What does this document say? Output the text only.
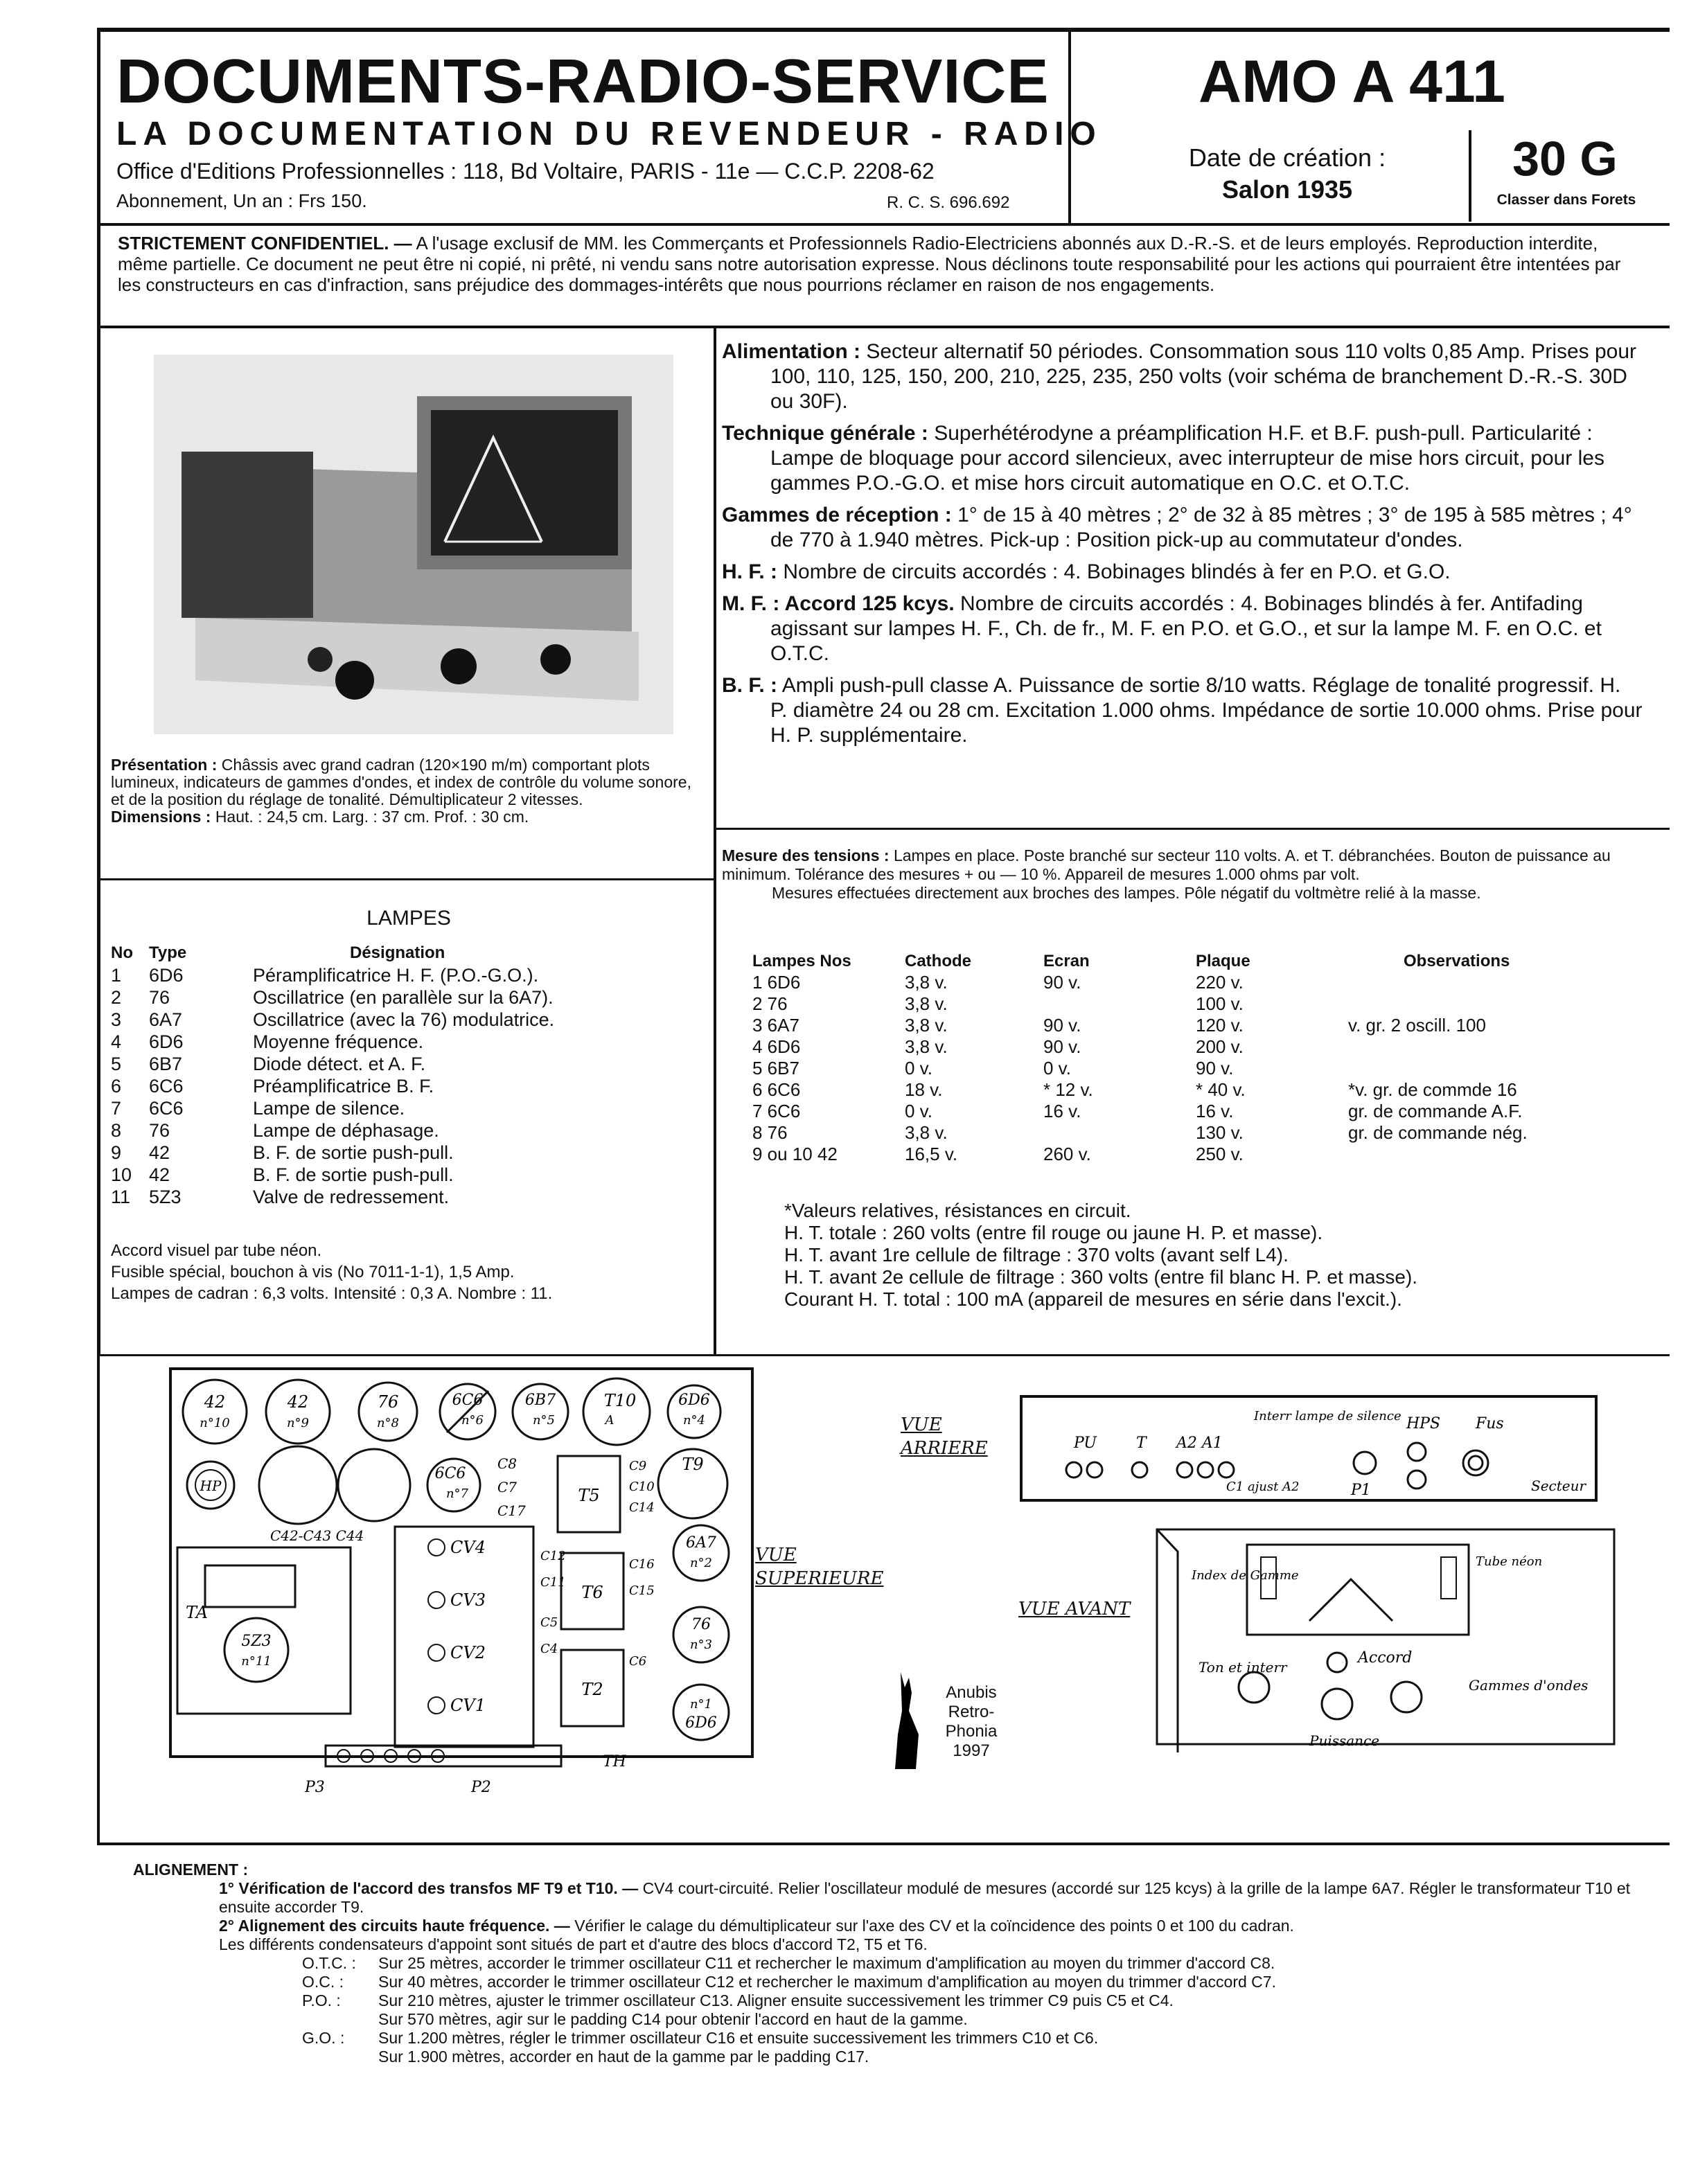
DOCUMENTS-RADIO-SERVICE
LA DOCUMENTATION DU REVENDEUR - RADIO
Office d'Editions Professionnelles : 118, Bd Voltaire, PARIS - 11e — C.C.P. 2208-62
Abonnement, Un an : Frs 150.	R. C. S. 696.692
AMO A 411
Date de création :
Salon 1935
30 G
Classer dans Forets
STRICTEMENT CONFIDENTIEL. — A l'usage exclusif de MM. les Commerçants et Professionnels Radio-Electriciens abonnés aux D.-R.-S. et de leurs employés. Reproduction interdite, même partielle. Ce document ne peut être ni copié, ni prêté, ni vendu sans notre autorisation expresse. Nous déclinons toute responsabilité pour les actions qui pourraient être intentées par les constructeurs en cas d'infraction, sans préjudice des dommages-intérêts que nous pourrions réclamer en raison de nos engagements.
Présentation : Châssis avec grand cadran (120×190 m/m) comportant plots lumineux, indicateurs de gammes d'ondes, et index de contrôle du volume sonore, et de la position du réglage de tonalité. Démultiplicateur 2 vitesses.
Dimensions : Haut. : 24,5 cm. Larg. : 37 cm. Prof. : 30 cm.
LAMPES
No	Type	Désignation
1	6D6	Péramplificatrice H. F. (P.O.-G.O.).
2	76	Oscillatrice (en parallèle sur la 6A7).
3	6A7	Oscillatrice (avec la 76) modulatrice.
4	6D6	Moyenne fréquence.
5	6B7	Diode détect. et A. F.
6	6C6	Préamplificatrice B. F.
7	6C6	Lampe de silence.
8	76	Lampe de déphasage.
9	42	B. F. de sortie push-pull.
10	42	B. F. de sortie push-pull.
11	5Z3	Valve de redressement.
Accord visuel par tube néon.
Fusible spécial, bouchon à vis (No 7011-1-1), 1,5 Amp.
Lampes de cadran : 6,3 volts. Intensité : 0,3 A. Nombre : 11.
Alimentation : Secteur alternatif 50 périodes. Consommation sous 110 volts 0,85 Amp. Prises pour 100, 110, 125, 150, 200, 210, 225, 235, 250 volts (voir schéma de branchement D.-R.-S. 30D ou 30F).
Technique générale : Superhétérodyne a préamplification H.F. et B.F. push-pull. Particularité : Lampe de bloquage pour accord silencieux, avec interrupteur de mise hors circuit, pour les gammes P.O.-G.O. et mise hors circuit automatique en O.C. et O.T.C.
Gammes de réception : 1° de 15 à 40 mètres ; 2° de 32 à 85 mètres ; 3° de 195 à 585 mètres ; 4° de 770 à 1.940 mètres. Pick-up : Position pick-up au commutateur d'ondes.
H. F. : Nombre de circuits accordés : 4. Bobinages blindés à fer en P.O. et G.O.
M. F. : Accord 125 kcys. Nombre de circuits accordés : 4. Bobinages blindés à fer. Antifading agissant sur lampes H. F., Ch. de fr., M. F. en P.O. et G.O., et sur la lampe M. F. en O.C. et O.T.C.
B. F. : Ampli push-pull classe A. Puissance de sortie 8/10 watts. Réglage de tonalité progressif. H. P. diamètre 24 ou 28 cm. Excitation 1.000 ohms. Impédance de sortie 10.000 ohms. Prise pour H. P. supplémentaire.
Mesure des tensions : Lampes en place. Poste branché sur secteur 110 volts. A. et T. débranchées. Bouton de puissance au minimum. Tolérance des mesures + ou — 10 %. Appareil de mesures 1.000 ohms par volt.
Mesures effectuées directement aux broches des lampes. Pôle négatif du voltmètre relié à la masse.
Lampes Nos	Cathode	Ecran	Plaque	Observations
1 6D6	3,8 v.	90 v.	220 v.	
2 76	3,8 v.		100 v.	
3 6A7	3,8 v.	90 v.	120 v.	v. gr. 2 oscill. 100
4 6D6	3,8 v.	90 v.	200 v.	
5 6B7	0 v.	0 v.	90 v.	
6 6C6	18 v.	* 12 v.	* 40 v.	*v. gr. de commde 16
7 6C6	0 v.	16 v.	16 v.	gr. de commande A.F.
8 76	3,8 v.		130 v.	gr. de commande nég.
9 ou 10 42	16,5 v.	260 v.	250 v.	
*Valeurs relatives, résistances en circuit.
H. T. totale : 260 volts (entre fil rouge ou jaune H. P. et masse).
H. T. avant 1re cellule de filtrage : 370 volts (avant self L4).
H. T. avant 2e cellule de filtrage : 360 volts (entre fil blanc H. P. et masse).
Courant H. T. total : 100 mA (appareil de mesures en série dans l'excit.).
42
n°10
42
n°9
76
n°8
6C6
n°6
6B7
n°5
T10
A
6D6
n°4
HP
C42-C43 C44
6C6
n°7
C8
C7
C17
T5
C9
C10
C14
T9
CV4
CV3
CV2
CV1
C12
C11
C5
C4
T6
C16
C15
6A7
n°2
T2
C6
76
n°3
n°1
6D6
TA
5Z3
n°11
P3	P2
TH
VUE SUPERIEURE
VUE ARRIERE	PU	T A2 A1
Interr lampe de silence HPS Fus
C1 ajust A2	P1	Secteur
VUE AVANT
Index de Gamme
Tube néon
Ton et interr
Accord
Puissance
Gammes d'ondes
Anubis
Retro-Phonia
1997
ALIGNEMENT :
1° Vérification de l'accord des transfos MF T9 et T10. — CV4 court-circuité. Relier l'oscillateur modulé de mesures (accordé sur 125 kcys) à la grille de la lampe 6A7. Régler le transformateur T10 et ensuite accorder T9.
2° Alignement des circuits haute fréquence. — Vérifier le calage du démultiplicateur sur l'axe des CV et la coïncidence des points 0 et 100 du cadran.
Les différents condensateurs d'appoint sont situés de part et d'autre des blocs d'accord T2, T5 et T6.
O.T.C. :	Sur 25 mètres, accorder le trimmer oscillateur C11 et rechercher le maximum d'amplification au moyen du trimmer d'accord C8.
O.C. :	Sur 40 mètres, accorder le trimmer oscillateur C12 et rechercher le maximum d'amplification au moyen du trimmer d'accord C7.
P.O. :	Sur 210 mètres, ajuster le trimmer oscillateur C13. Aligner ensuite successivement les trimmer C9 puis C5 et C4.
	Sur 570 mètres, agir sur le padding C14 pour obtenir l'accord en haut de la gamme.
G.O. :	Sur 1.200 mètres, régler le trimmer oscillateur C16 et ensuite successivement les trimmers C10 et C6.
	Sur 1.900 mètres, accorder en haut de la gamme par le padding C17.
